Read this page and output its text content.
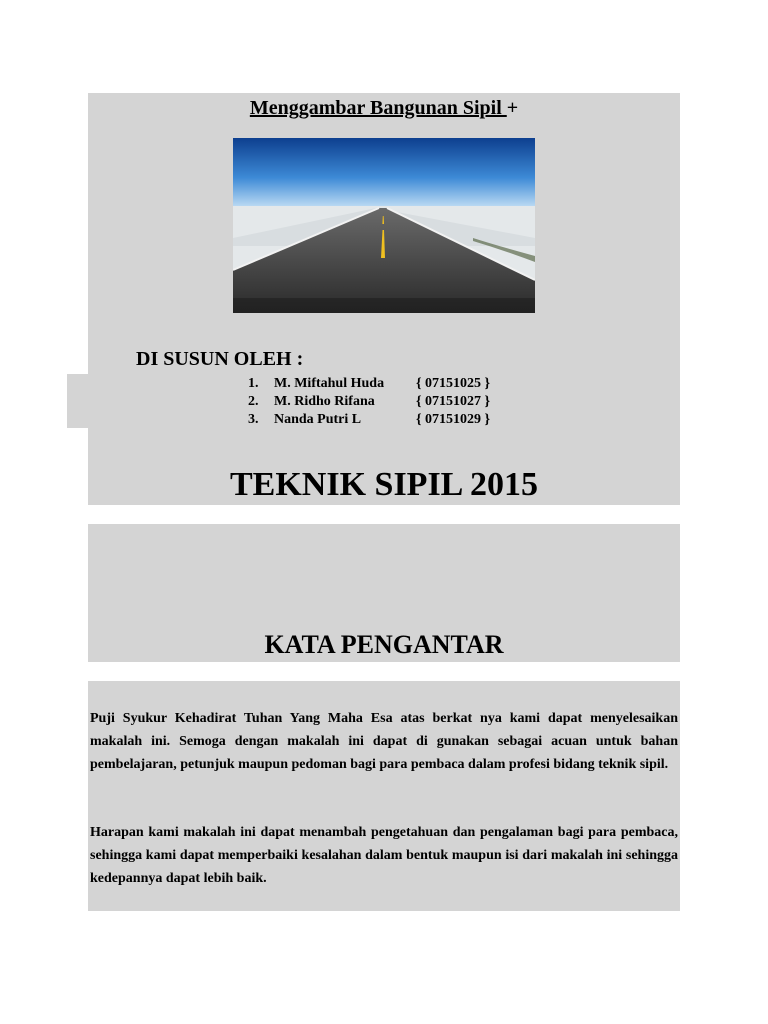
Menggambar Bangunan Sipil +
DI SUSUN OLEH :
1. M. Miftahul Huda { 07151025 }
2. M. Ridho Rifana	{ 07151027 }
3. Nanda Putri L	{ 07151029 }
TEKNIK SIPIL 2015
KATA PENGANTAR

Puji Syukur Kehadirat Tuhan Yang Maha Esa atas berkat nya kami dapat menyelesaikan makalah ini. Semoga dengan makalah ini dapat di gunakan sebagai acuan untuk bahan pembelajaran, petunjuk maupun pedoman bagi para pembaca dalam profesi bidang teknik sipil.

Harapan kami makalah ini dapat menambah pengetahuan dan pengalaman bagi para pembaca, sehingga kami dapat memperbaiki kesalahan dalam bentuk maupun isi dari makalah ini sehingga kedepannya dapat lebih baik.
